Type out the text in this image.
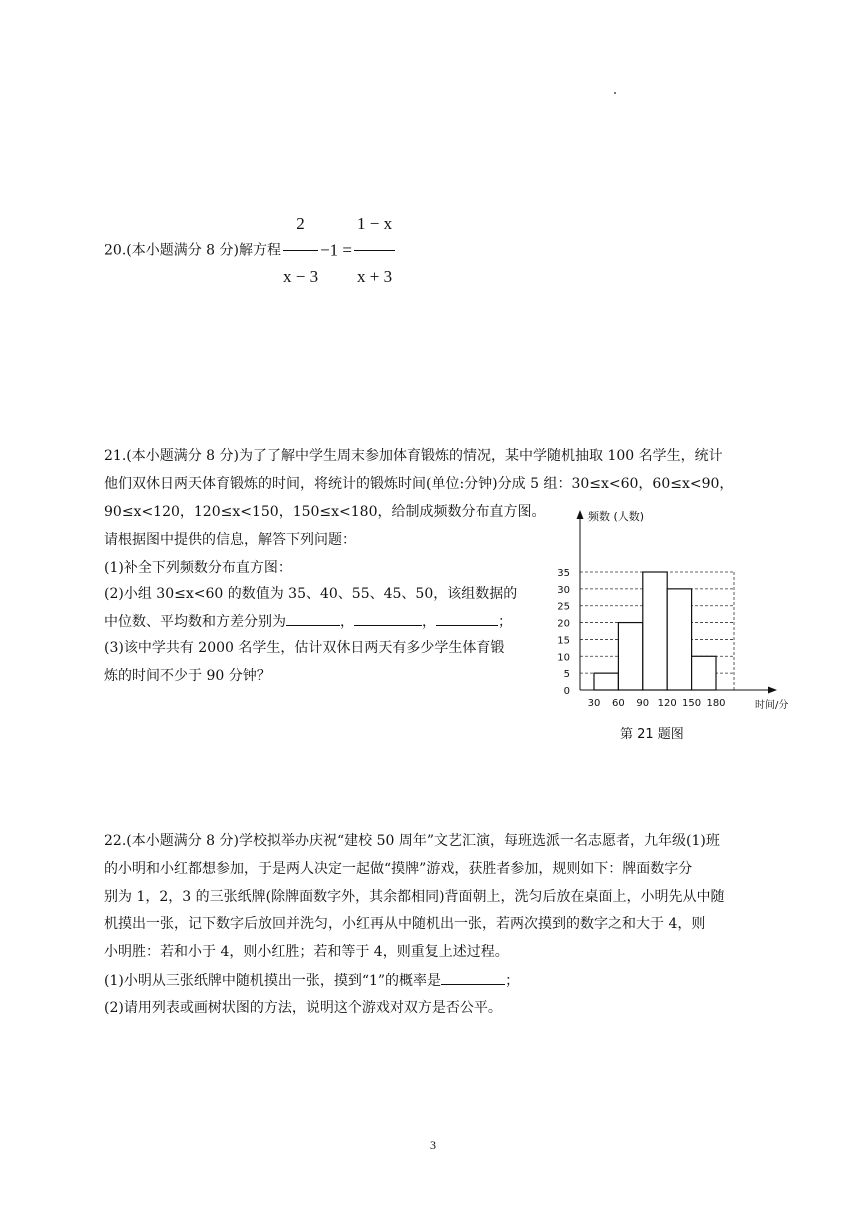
20.(本小题满分 8 分)解方程 $\frac{2}{x - 3} -1 = \frac{1 - x}{x + 3}$
21.(本小题满分 8 分)为了了解中学生周末参加体育锻炼的情况，某中学随机抽取 100 名学生，统计
他们双休日两天体育锻炼的时间，将统计的锻炼时间(单位:分钟)分成 5 组：30≤x<60，60≤x<90，
90≤x<120，120≤x<150，150≤x<180，给制成频数分布直方图。
请根据图中提供的信息，解答下列问题：
(1)补全下列频数分布直方图：
(2)小组 30≤x<60 的数值为 35、40、55、45、50，该组数据的
中位数、平均数和方差分别为	，	，	；
(3)该中学共有 2000 名学生，估计双休日两天有多少学生体育锻
炼的时间不少于 90 分钟？
0
5
10
15
20
25
30
35
30 60 90 120 150 180
频数 (人数)
时间/分
第 21 题图
22.(本小题满分 8 分)学校拟举办庆祝“建校 50 周年”文艺汇演，每班选派一名志愿者，九年级(1)班
的小明和小红都想参加，于是两人决定一起做“摸牌”游戏，获胜者参加，规则如下：牌面数字分
别为 1，2，3 的三张纸牌(除牌面数字外，其余都相同)背面朝上，洗匀后放在桌面上，小明先从中随
机摸出一张，记下数字后放回并洗匀，小红再从中随机出一张，若两次摸到的数字之和大于 4，则
小明胜：若和小于 4，则小红胜；若和等于 4，则重复上述过程。
(1)小明从三张纸牌中随机摸出一张，摸到“1”的概率是	；
(2)请用列表或画树状图的方法，说明这个游戏对双方是否公平。
3
